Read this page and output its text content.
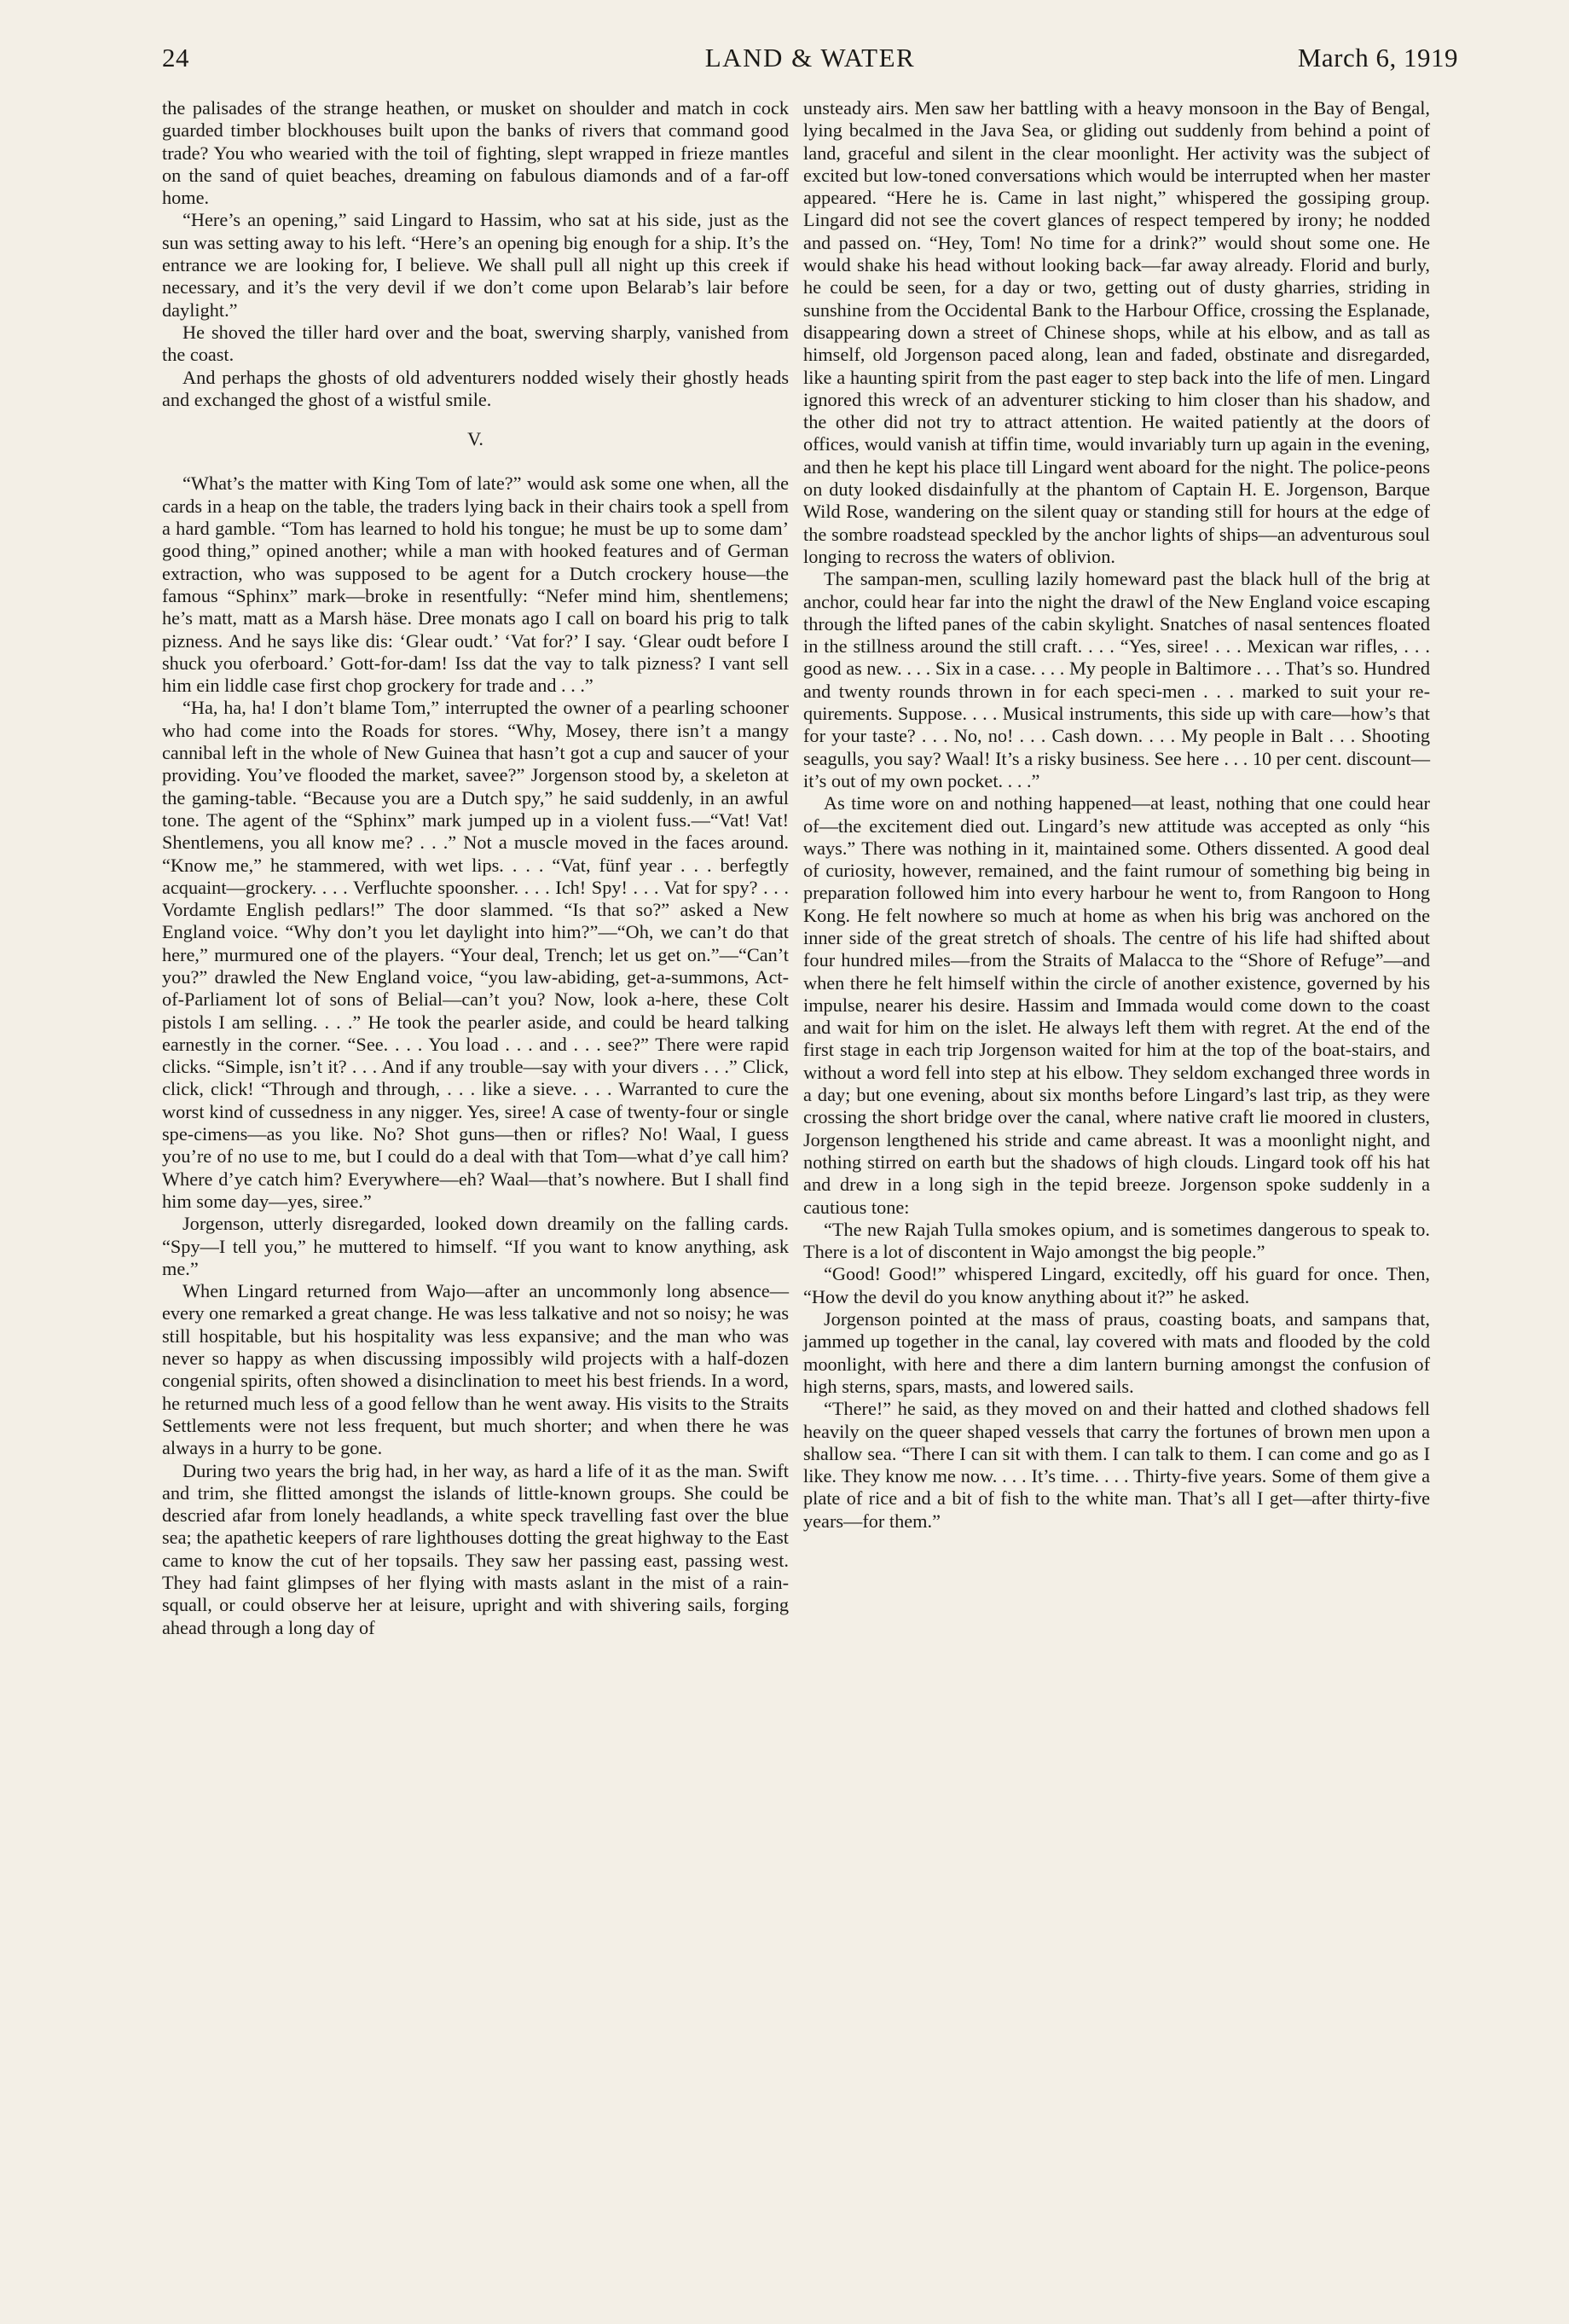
24	LAND & WATER	March 6, 1919

the palisades of the strange heathen, or musket on shoulder and match in cock guarded timber blockhouses built upon the banks of rivers that command good trade? You who wearied with the toil of fighting, slept wrapped in frieze mantles on the sand of quiet beaches, dreaming on fabulous diamonds and of a far-off home.

“Here’s an opening,” said Lingard to Hassim, who sat at his side, just as the sun was setting away to his left. “Here’s an opening big enough for a ship. It’s the entrance we are looking for, I believe. We shall pull all night up this creek if necessary, and it’s the very devil if we don’t come upon Belarab’s lair before daylight.”

He shoved the tiller hard over and the boat, swerving sharply, vanished from the coast.

And perhaps the ghosts of old adventurers nodded wisely their ghostly heads and exchanged the ghost of a wistful smile.

V.

“What’s the matter with King Tom of late?” would ask some one when, all the cards in a heap on the table, the traders lying back in their chairs took a spell from a hard gamble. “Tom has learned to hold his tongue; he must be up to some dam’ good thing,” opined another; while a man with hooked features and of German extraction, who was supposed to be agent for a Dutch crockery house—the famous “Sphinx” mark—broke in resentfully: “Nefer mind him, shentlemens; he’s matt, matt as a Marsh häse. Dree monats ago I call on board his prig to talk pizness. And he says like dis: ‘Glear oudt.’ ‘Vat for?’ I say. ‘Glear oudt before I shuck you oferboard.’ Gott-for-dam! Iss dat the vay to talk pizness? I vant sell him ein liddle case first chop grockery for trade and . . .”

“Ha, ha, ha! I don’t blame Tom,” interrupted the owner of a pearling schooner who had come into the Roads for stores. “Why, Mosey, there isn’t a mangy cannibal left in the whole of New Guinea that hasn’t got a cup and saucer of your providing. You’ve flooded the market, savee?” Jorgenson stood by, a skeleton at the gaming-table. “Because you are a Dutch spy,” he said suddenly, in an awful tone. The agent of the “Sphinx” mark jumped up in a violent fuss.—“Vat! Vat! Shentlemens, you all know me? . . .” Not a muscle moved in the faces around. “Know me,” he stammered, with wet lips. . . . “Vat, fünf year . . . berfegtly acquaint—grockery. . . . Verfluchte spoonsher. . . . Ich! Spy! . . . Vat for spy? . . . Vordamte English pedlars!” The door slammed. “Is that so?” asked a New England voice. “Why don’t you let daylight into him?”—“Oh, we can’t do that here,” murmured one of the players. “Your deal, Trench; let us get on.”—“Can’t you?” drawled the New England voice, “you law-abiding, get-a-summons, Act-of-Parliament lot of sons of Belial—can’t you? Now, look a-here, these Colt pistols I am selling. . . .” He took the pearler aside, and could be heard talking earnestly in the corner. “See. . . . You load . . . and . . . see?” There were rapid clicks. “Simple, isn’t it? . . . And if any trouble—say with your divers . . .” Click, click, click! “Through and through, . . . like a sieve. . . . Warranted to cure the worst kind of cussedness in any nigger. Yes, siree! A case of twenty-four or single spe-cimens—as you like. No? Shot guns—then or rifles? No! Waal, I guess you’re of no use to me, but I could do a deal with that Tom—what d’ye call him? Where d’ye catch him? Everywhere—eh? Waal—that’s nowhere. But I shall find him some day—yes, siree.”

Jorgenson, utterly disregarded, looked down dreamily on the falling cards. “Spy—I tell you,” he muttered to himself. “If you want to know anything, ask me.”

When Lingard returned from Wajo—after an uncommonly long absence—every one remarked a great change. He was less talkative and not so noisy; he was still hospitable, but his hospitality was less expansive; and the man who was never so happy as when discussing impossibly wild projects with a half-dozen congenial spirits, often showed a disinclination to meet his best friends. In a word, he returned much less of a good fellow than he went away. His visits to the Straits Settlements were not less frequent, but much shorter; and when there he was always in a hurry to be gone.

During two years the brig had, in her way, as hard a life of it as the man. Swift and trim, she flitted amongst the islands of little-known groups. She could be descried afar from lonely headlands, a white speck travelling fast over the blue sea; the apathetic keepers of rare lighthouses dotting the great highway to the East came to know the cut of her topsails. They saw her passing east, passing west. They had faint glimpses of her flying with masts aslant in the mist of a rain-squall, or could observe her at leisure, upright and with shivering sails, forging ahead through a long day of

unsteady airs. Men saw her battling with a heavy monsoon in the Bay of Bengal, lying becalmed in the Java Sea, or gliding out suddenly from behind a point of land, graceful and silent in the clear moonlight. Her activity was the subject of excited but low-toned conversations which would be interrupted when her master appeared. “Here he is. Came in last night,” whispered the gossiping group. Lingard did not see the covert glances of respect tempered by irony; he nodded and passed on. “Hey, Tom! No time for a drink?” would shout some one. He would shake his head without looking back—far away already. Florid and burly, he could be seen, for a day or two, getting out of dusty gharries, striding in sunshine from the Occidental Bank to the Harbour Office, crossing the Esplanade, disappearing down a street of Chinese shops, while at his elbow, and as tall as himself, old Jorgenson paced along, lean and faded, obstinate and disregarded, like a haunting spirit from the past eager to step back into the life of men. Lingard ignored this wreck of an adventurer sticking to him closer than his shadow, and the other did not try to attract attention. He waited patiently at the doors of offices, would vanish at tiffin time, would invariably turn up again in the evening, and then he kept his place till Lingard went aboard for the night. The police-peons on duty looked disdainfully at the phantom of Captain H. E. Jorgenson, Barque Wild Rose, wandering on the silent quay or standing still for hours at the edge of the sombre roadstead speckled by the anchor lights of ships—an adventurous soul longing to recross the waters of oblivion.

The sampan-men, sculling lazily homeward past the black hull of the brig at anchor, could hear far into the night the drawl of the New England voice escaping through the lifted panes of the cabin skylight. Snatches of nasal sentences floated in the stillness around the still craft. . . . “Yes, siree! . . . Mexican war rifles, . . . good as new. . . . Six in a case. . . . My people in Baltimore . . . That’s so. Hundred and twenty rounds thrown in for each speci-men . . . marked to suit your re-quirements. Suppose. . . . Musical instruments, this side up with care—how’s that for your taste? . . . No, no! . . . Cash down. . . . My people in Balt . . . Shooting seagulls, you say? Waal! It’s a risky business. See here . . . 10 per cent. discount—it’s out of my own pocket. . . .”

As time wore on and nothing happened—at least, nothing that one could hear of—the excitement died out. Lingard’s new attitude was accepted as only “his ways.” There was nothing in it, maintained some. Others dissented. A good deal of curiosity, however, remained, and the faint rumour of something big being in preparation followed him into every harbour he went to, from Rangoon to Hong Kong. He felt nowhere so much at home as when his brig was anchored on the inner side of the great stretch of shoals. The centre of his life had shifted about four hundred miles—from the Straits of Malacca to the “Shore of Refuge”—and when there he felt himself within the circle of another existence, governed by his impulse, nearer his desire. Hassim and Immada would come down to the coast and wait for him on the islet. He always left them with regret. At the end of the first stage in each trip Jorgenson waited for him at the top of the boat-stairs, and without a word fell into step at his elbow. They seldom exchanged three words in a day; but one evening, about six months before Lingard’s last trip, as they were crossing the short bridge over the canal, where native craft lie moored in clusters, Jorgenson lengthened his stride and came abreast. It was a moonlight night, and nothing stirred on earth but the shadows of high clouds. Lingard took off his hat and drew in a long sigh in the tepid breeze. Jorgenson spoke suddenly in a cautious tone:

“The new Rajah Tulla smokes opium, and is sometimes dangerous to speak to. There is a lot of discontent in Wajo amongst the big people.”

“Good! Good!” whispered Lingard, excitedly, off his guard for once. Then, “How the devil do you know anything about it?” he asked.

Jorgenson pointed at the mass of praus, coasting boats, and sampans that, jammed up together in the canal, lay covered with mats and flooded by the cold moonlight, with here and there a dim lantern burning amongst the confusion of high sterns, spars, masts, and lowered sails.

“There!” he said, as they moved on and their hatted and clothed shadows fell heavily on the queer shaped vessels that carry the fortunes of brown men upon a shallow sea. “There I can sit with them. I can talk to them. I can come and go as I like. They know me now. . . . It’s time. . . . Thirty-five years. Some of them give a plate of rice and a bit of fish to the white man. That’s all I get—after thirty-five years—for them.”
